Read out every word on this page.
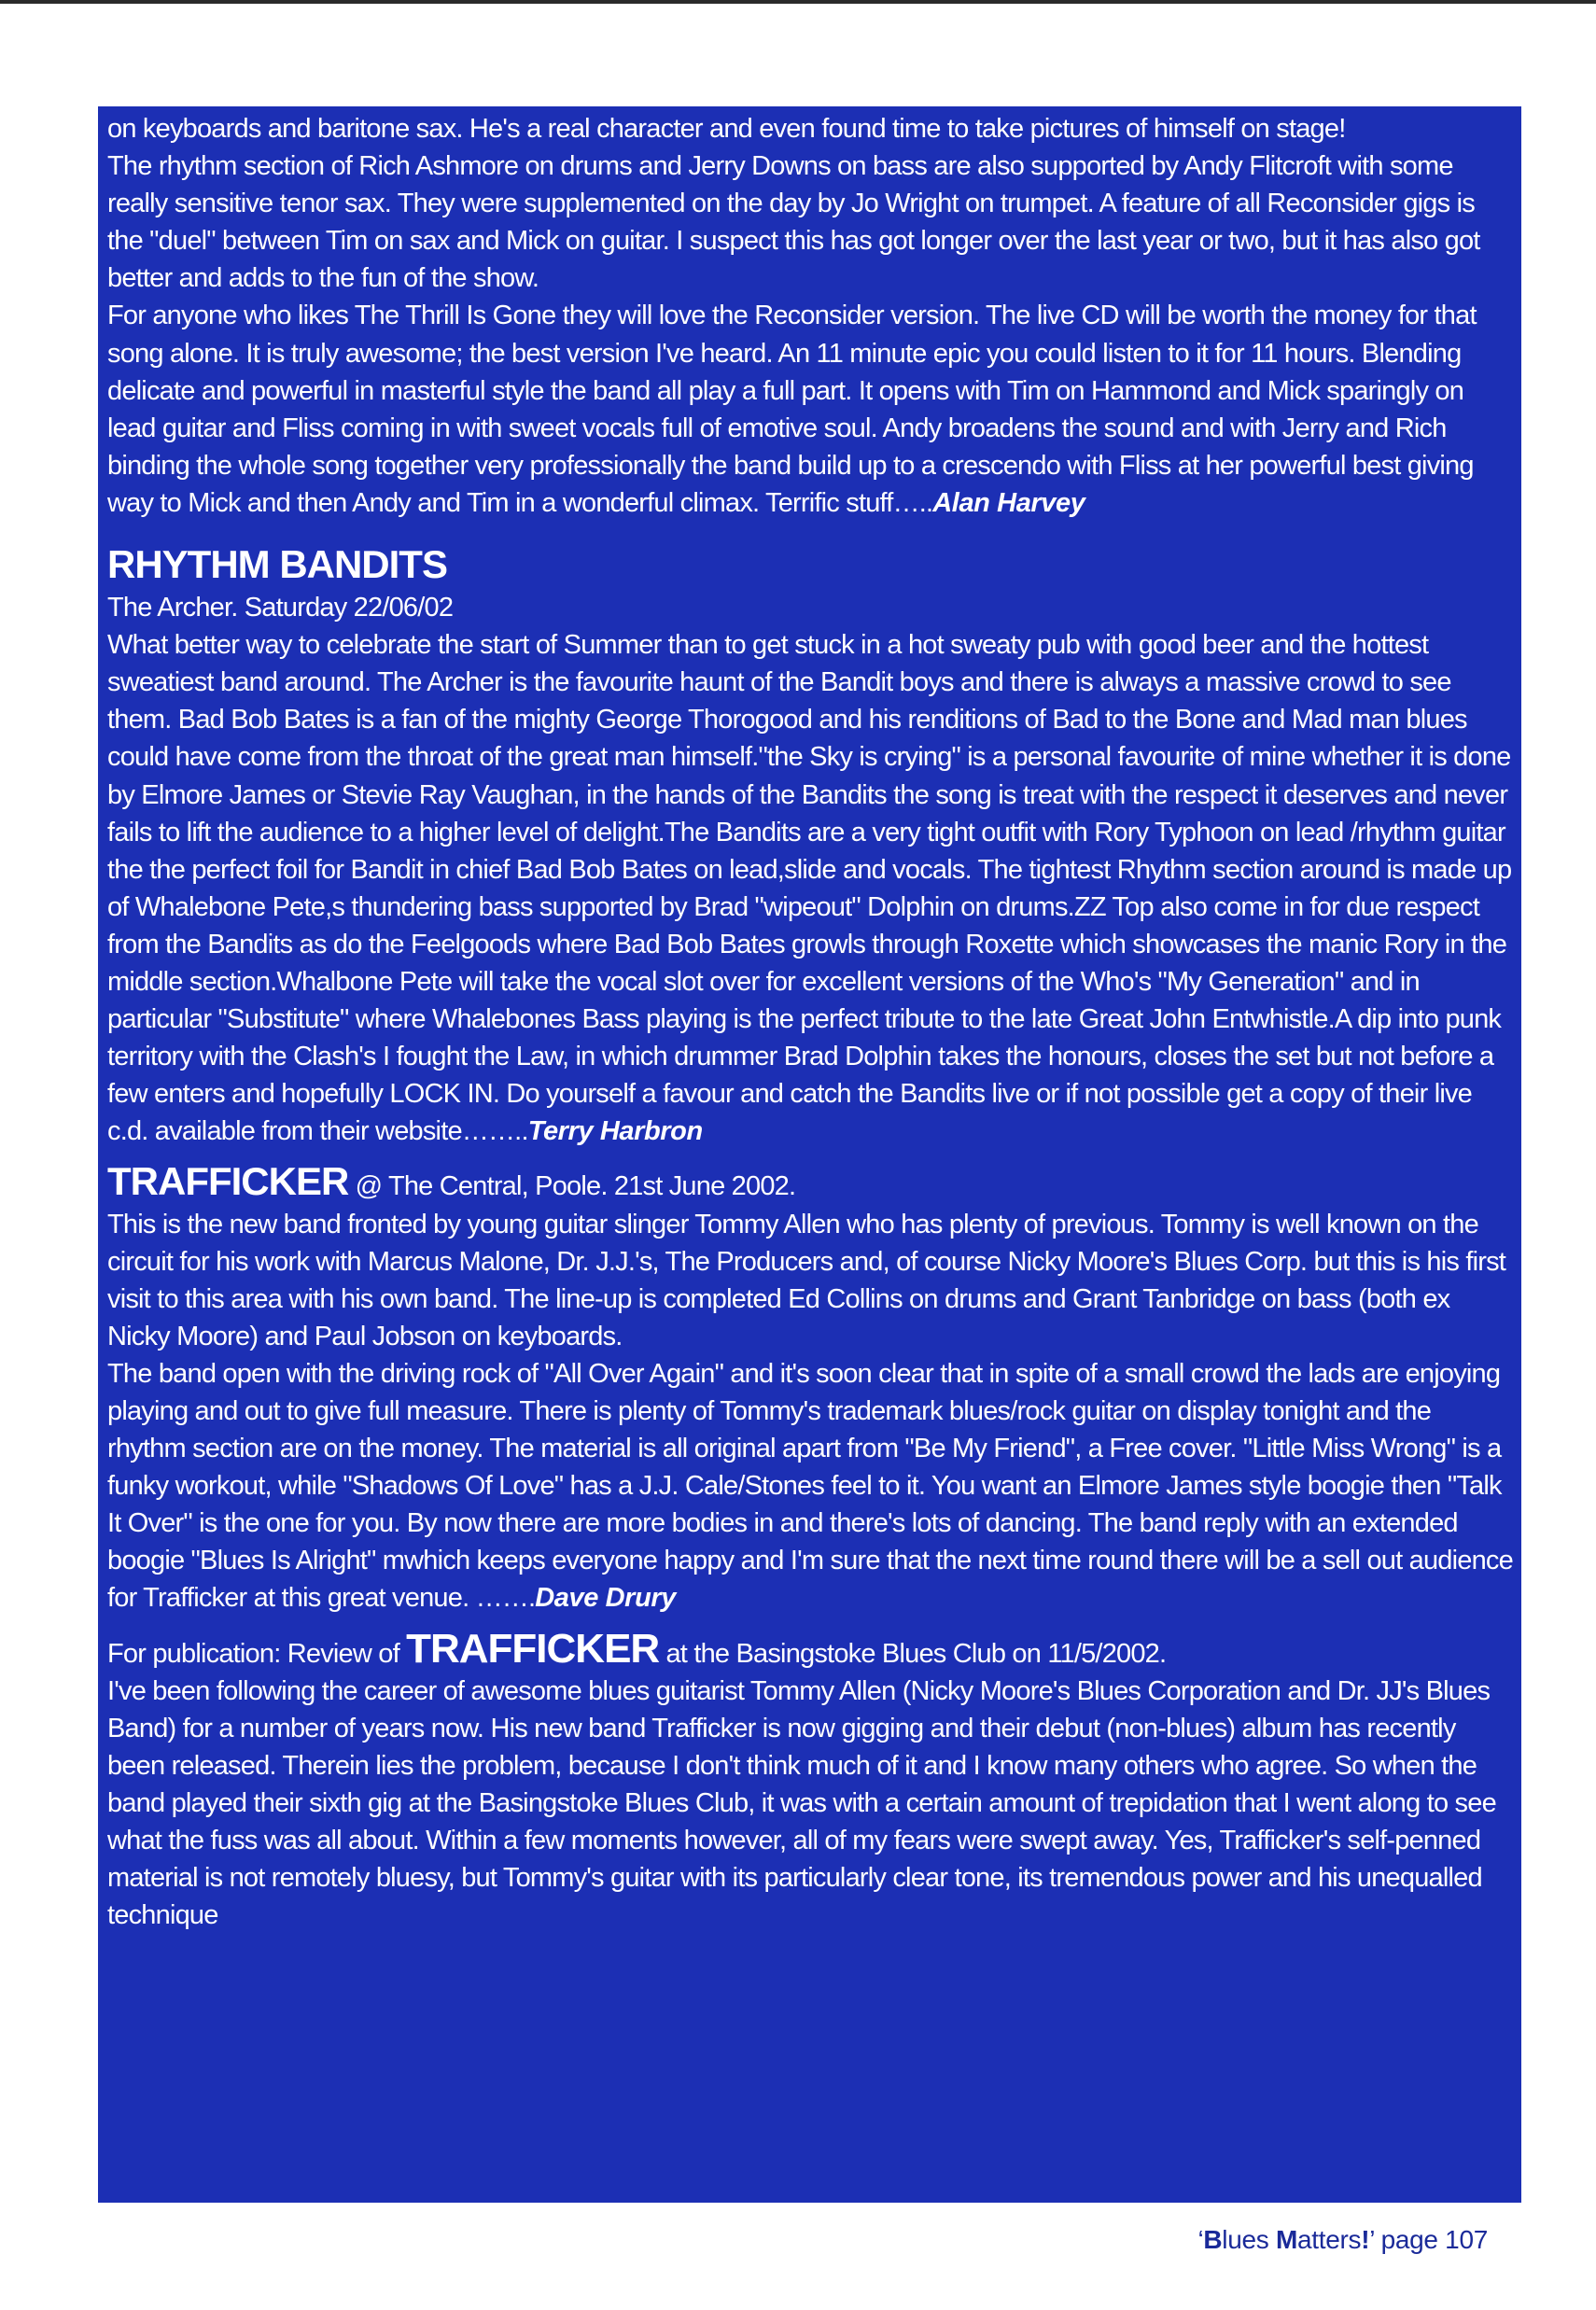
on keyboards and baritone sax. He's a real character and even found time to take pictures of himself on stage!

The rhythm section of Rich Ashmore on drums and Jerry Downs on bass are also supported by Andy Flitcroft with some really sensitive tenor sax. They were supplemented on the day by Jo Wright on trumpet. A feature of all Reconsider gigs is the "duel" between Tim on sax and Mick on guitar. I suspect this has got longer over the last year or two, but it has also got better and adds to the fun of the show.

For anyone who likes The Thrill Is Gone they will love the Reconsider version. The live CD will be worth the money for that song alone. It is truly awesome; the best version I've heard. An 11 minute epic you could listen to it for 11 hours. Blending delicate and powerful in masterful style the band all play a full part. It opens with Tim on Hammond and Mick sparingly on lead guitar and Fliss coming in with sweet vocals full of emotive soul. Andy broadens the sound and with Jerry and Rich binding the whole song together very professionally the band build up to a crescendo with Fliss at her powerful best giving way to Mick and then Andy and Tim in a wonderful climax. Terrific stuff…..Alan Harvey

RHYTHM BANDITS

The Archer. Saturday 22/06/02

What better way to celebrate the start of Summer than to get stuck in a hot sweaty pub with good beer and the hottest sweatiest band around. The Archer is the favourite haunt of the Bandit boys and there is always a massive crowd to see them. Bad Bob Bates is a fan of the mighty George Thorogood and his renditions of Bad to the Bone and Mad man blues could have come from the throat of the great man himself."the Sky is crying" is a personal favourite of mine whether it is done by Elmore James or Stevie Ray Vaughan, in the hands of the Bandits the song is treat with the respect it deserves and never fails to lift the audience to a higher level of delight.The Bandits are a very tight outfit with Rory Typhoon on lead /rhythm guitar the the perfect foil for Bandit in chief Bad Bob Bates on lead,slide and vocals. The tightest Rhythm section around is made up of Whalebone Pete,s thundering bass supported by Brad "wipeout" Dolphin on drums.ZZ Top also come in for due respect from the Bandits as do the Feelgoods where Bad Bob Bates growls through Roxette which showcases the manic Rory in the middle section.Whalbone Pete will take the vocal slot over for excellent versions of the Who's "My Generation" and in particular "Substitute" where Whalebones Bass playing is the perfect tribute to the late Great John Entwhistle.A dip into punk territory with the Clash's I fought the Law, in which drummer Brad Dolphin takes the honours, closes the set but not before a few enters and hopefully LOCK IN. Do yourself a favour and catch the Bandits live or if not possible get a copy of their live c.d. available from their website……..Terry Harbron

TRAFFICKER @ The Central, Poole. 21st June 2002.

This is the new band fronted by young guitar slinger Tommy Allen who has plenty of previous. Tommy is well known on the circuit for his work with Marcus Malone, Dr. J.J.'s, The Producers and, of course Nicky Moore's Blues Corp. but this is his first visit to this area with his own band. The line-up is completed Ed Collins on drums and Grant Tanbridge on bass (both ex Nicky Moore) and Paul Jobson on keyboards.

The band open with the driving rock of "All Over Again" and it's soon clear that in spite of a small crowd the lads are enjoying playing and out to give full measure. There is plenty of Tommy's trademark blues/rock guitar on display tonight and the rhythm section are on the money. The material is all original apart from "Be My Friend", a Free cover. "Little Miss Wrong" is a funky workout, while "Shadows Of Love" has a J.J. Cale/Stones feel to it. You want an Elmore James style boogie then "Talk It Over" is the one for you. By now there are more bodies in and there's lots of dancing. The band reply with an extended boogie "Blues Is Alright" mwhich keeps everyone happy and I'm sure that the next time round there will be a sell out audience for Trafficker at this great venue. …….Dave Drury

For publication: Review of TRAFFICKER at the Basingstoke Blues Club on 11/5/2002.

I've been following the career of awesome blues guitarist Tommy Allen (Nicky Moore's Blues Corporation and Dr. JJ's Blues Band) for a number of years now. His new band Trafficker is now gigging and their debut (non-blues) album has recently been released. Therein lies the problem, because I don't think much of it and I know many others who agree. So when the band played their sixth gig at the Basingstoke Blues Club, it was with a certain amount of trepidation that I went along to see what the fuss was all about. Within a few moments however, all of my fears were swept away. Yes, Trafficker's self-penned material is not remotely bluesy, but Tommy's guitar with its particularly clear tone, its tremendous power and his unequalled technique

‘Blues Matters!’ page 107
